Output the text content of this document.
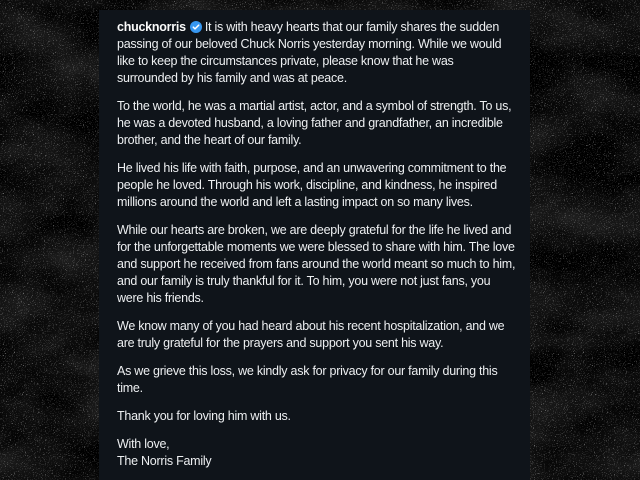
chucknorris It is with heavy hearts that our family shares the sudden passing of our beloved Chuck Norris yesterday morning. While we would like to keep the circumstances private, please know that he was surrounded by his family and was at peace.

To the world, he was a martial artist, actor, and a symbol of strength. To us, he was a devoted husband, a loving father and grandfather, an incredible brother, and the heart of our family.

He lived his life with faith, purpose, and an unwavering commitment to the people he loved. Through his work, discipline, and kindness, he inspired millions around the world and left a lasting impact on so many lives.

While our hearts are broken, we are deeply grateful for the life he lived and for the unforgettable moments we were blessed to share with him. The love and support he received from fans around the world meant so much to him, and our family is truly thankful for it. To him, you were not just fans, you were his friends.

We know many of you had heard about his recent hospitalization, and we are truly grateful for the prayers and support you sent his way.

As we grieve this loss, we kindly ask for privacy for our family during this time.

Thank you for loving him with us.

With love,
The Norris Family
